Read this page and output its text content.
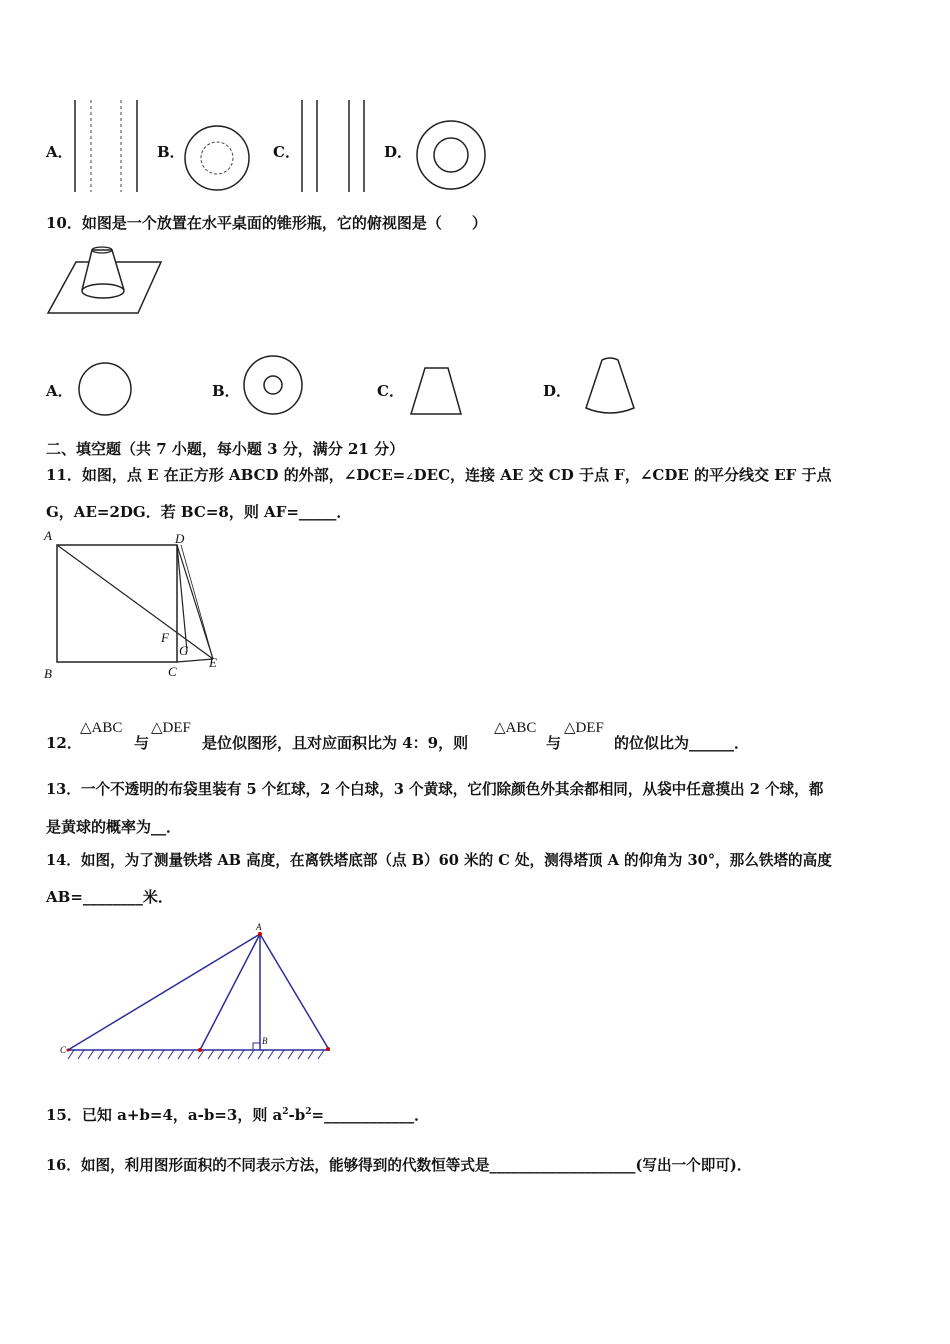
A．	B．	C．	D．
10．如图是一个放置在水平桌面的锥形瓶，它的俯视图是（　　）
A．	B．	C．	D．
二、填空题（共 7 小题，每小题 3 分，满分 21 分）
11．如图，点 E 在正方形 ABCD 的外部，∠DCE=∠DEC，连接 AE 交 CD 于点 F，∠CDE 的平分线交 EF 于点
G，AE=2DG．若 BC=8，则 AF=_____．
A	D
B	C
F
G
E
12．
△ABC
与
△DEF
是位似图形，且对应面积比为 4：9，则
△ABC
与
△DEF
的位似比为______．
13．一个不透明的布袋里装有 5 个红球，2 个白球，3 个黄球，它们除颜色外其余都相同，从袋中任意摸出 2 个球，都
是黄球的概率为__．
14．如图，为了测量铁塔 AB 高度，在离铁塔底部（点 B）60 米的 C 处，测得塔顶 A 的仰角为 30°，那么铁塔的高度
AB=________米．
A
B
C
15．已知 a+b=4，a-b=3，则 $a^2-b^2=\_\_\_\_\_\_\_\_\_\_\_\_$．
16．如图，利用图形面积的不同表示方法，能够得到的代数恒等式是____________________(写出一个即可)．
